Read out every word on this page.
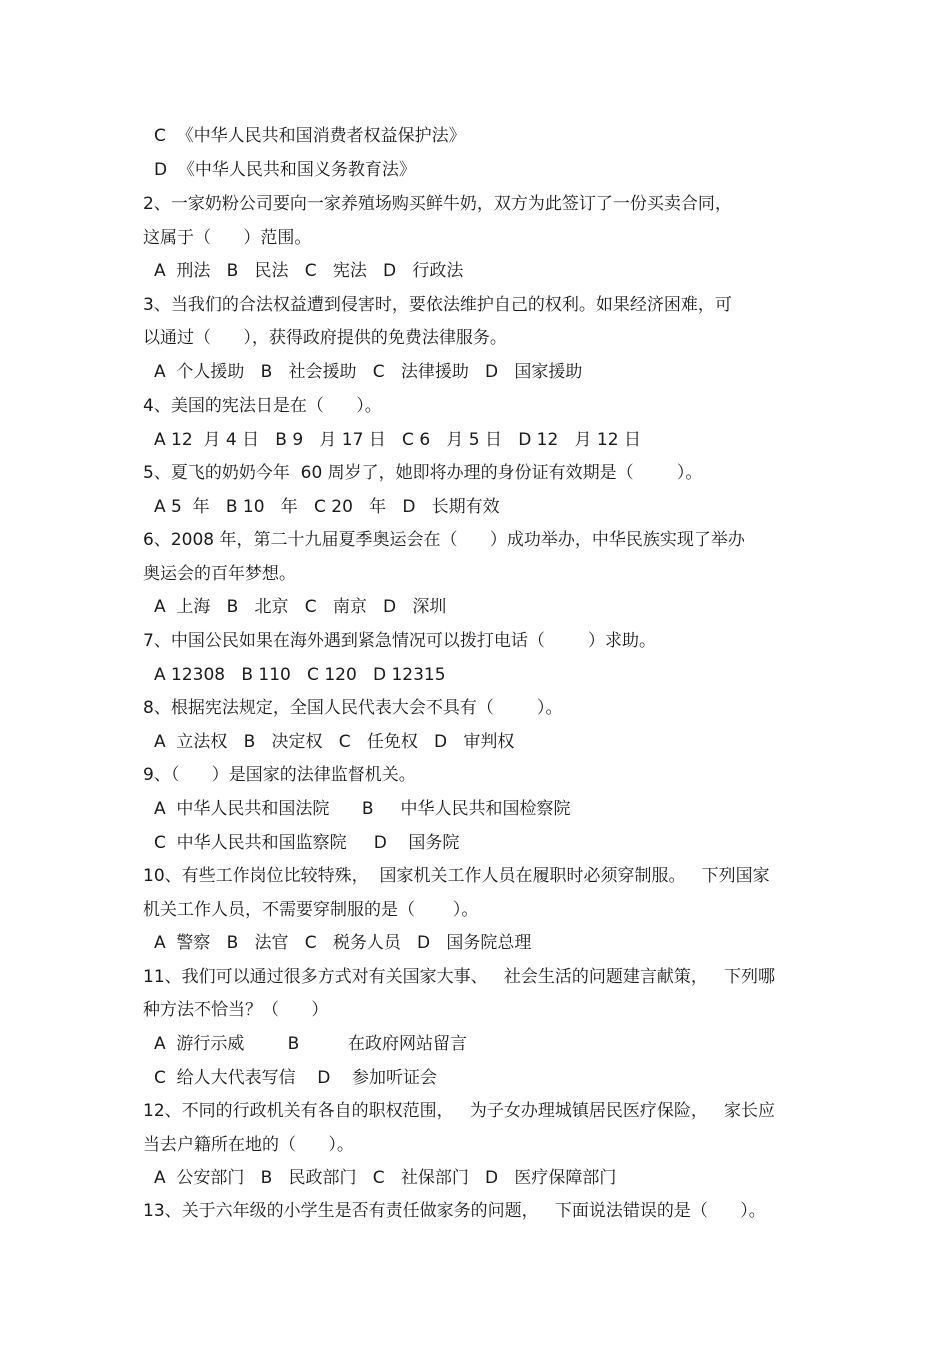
C  《中华人民共和国消费者权益保护法》
D  《中华人民共和国义务教育法》
2、一家奶粉公司要向一家养殖场购买鲜牛奶，双方为此签订了一份买卖合同，
这属于（      ）范围。
A  刑法   B   民法   C   宪法   D   行政法
3、当我们的合法权益遭到侵害时，要依法维护自己的权利。如果经济困难，可
以通过（      ），获得政府提供的免费法律服务。
A  个人援助   B   社会援助   C   法律援助   D   国家援助
4、美国的宪法日是在（      ）。
A 12  月 4 日   B 9   月 17 日   C 6   月 5 日   D 12   月 12 日
5、夏飞的奶奶今年  60 周岁了，她即将办理的身份证有效期是（        ）。
A 5  年   B 10   年   C 20   年   D   长期有效
6、2008 年，第二十九届夏季奥运会在（      ）成功举办，中华民族实现了举办
奥运会的百年梦想。
A  上海   B   北京   C   南京   D   深圳
7、中国公民如果在海外遇到紧急情况可以拨打电话（        ）求助。
A 12308   B 110   C 120   D 12315
8、根据宪法规定，全国人民代表大会不具有（        ）。
A  立法权   B   决定权   C   任免权   D   审判权
9、（      ）是国家的法律监督机关。
A  中华人民共和国法院      B     中华人民共和国检察院
C  中华人民共和国监察院     D    国务院
10、有些工作岗位比较特殊，  国家机关工作人员在履职时必须穿制服。   下列国家
机关工作人员，不需要穿制服的是（       ）。
A  警察   B   法官   C   税务人员   D   国务院总理
11、我们可以通过很多方式对有关国家大事、   社会生活的问题建言献策，   下列哪
种方法不恰当？（      ）
A  游行示威        B         在政府网站留言
C  给人大代表写信    D    参加听证会
12、不同的行政机关有各自的职权范围，   为子女办理城镇居民医疗保险，   家长应
当去户籍所在地的（      ）。
A  公安部门   B   民政部门   C   社保部门   D   医疗保障部门
13、关于六年级的小学生是否有责任做家务的问题，   下面说法错误的是（      ）。
